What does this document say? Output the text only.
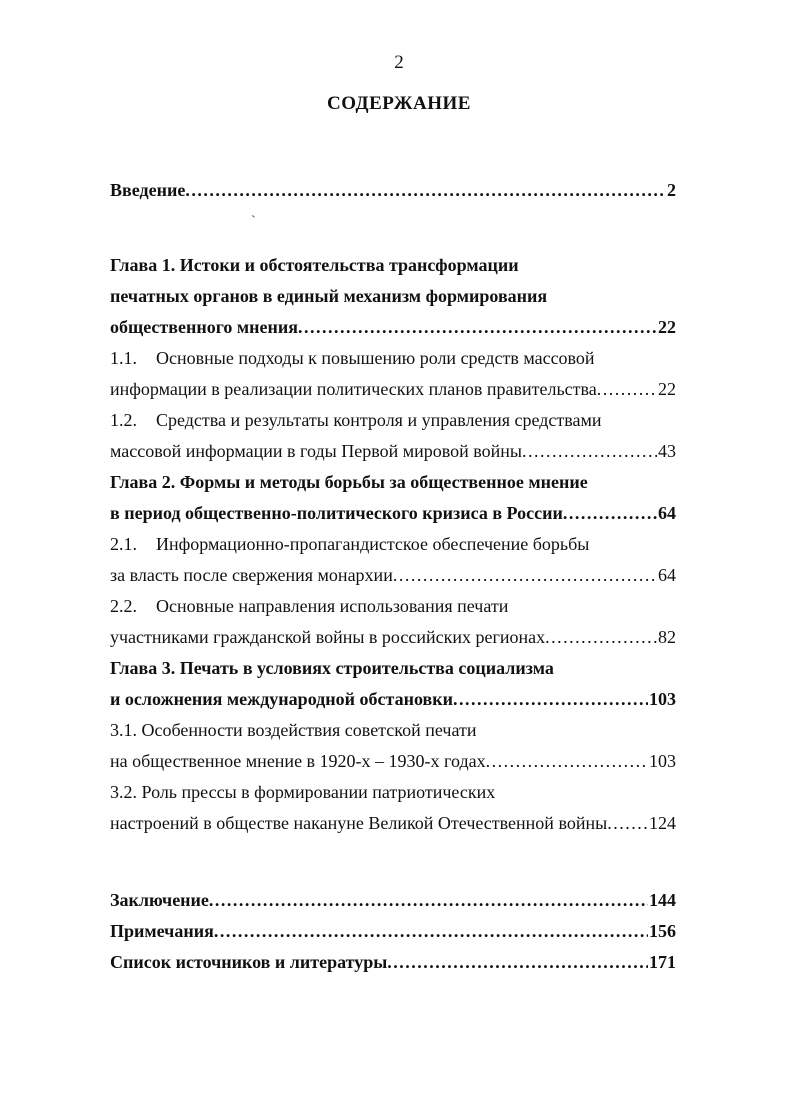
2
СОДЕРЖАНИЕ
Введение .....	2
`
Глава 1. Истоки и обстоятельства трансформации
печатных органов в единый механизм формирования
общественного мнения .....	22
1.1. Основные подходы к повышению роли средств массовой
информации в реализации политических планов правительства .....	22
1.2. Средства и результаты контроля и управления средствами
массовой информации в годы Первой мировой войны .....	43
Глава 2. Формы и методы борьбы за общественное мнение
в период общественно-политического кризиса в России .....	64
2.1. Информационно-пропагандистское обеспечение борьбы
за власть после свержения монархии .....	64
2.2. Основные направления использования печати
участниками гражданской войны в российских регионах .....	82
Глава 3. Печать в условиях строительства социализма
и осложнения международной обстановки .....	103
3.1. Особенности воздействия советской печати
на общественное мнение в 1920-х – 1930-х годах .....	103
3.2. Роль прессы в формировании патриотических
настроений в обществе накануне Великой Отечественной войны ..... 124
Заключение .....	144
Примечания .....	156
Список источников и литературы .....	171
